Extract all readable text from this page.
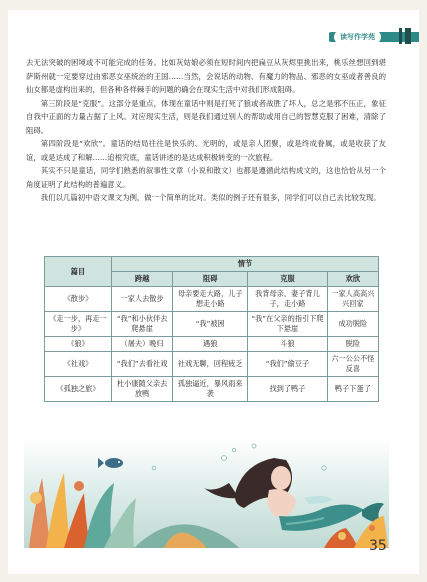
读写作学苑

去无法突破的困境或不可能完成的任务。比如灰姑娘必须在短时间内把扁豆从灰烬里挑出来，桃乐丝想回到堪萨斯州就一定要穿过由邪恶女巫统治的王国……当然，会说话的动物、有魔力的物品、邪恶的女巫或者善良的仙女都是虚构出来的，但各种各样棘手的问题的确会在现实生活中对我们形成阻碍。

第三阶段是“克服”。这部分是重点，体现在童话中则是打死了狼或者战胜了坏人，总之是邪不压正，象征自我中正面的力量占据了上风。对应现实生活，则是我们通过别人的帮助或用自己的智慧克服了困难，清除了阻碍。

第四阶段是“欢欣”。童话的结局往往是快乐的、光明的，或是亲人团聚，或是终成眷属，或是收获了友谊，或是达成了和解……追根究底，童话讲述的是达成积极转变的一次旅程。

其实不只是童话，同学们熟悉的叙事性文章（小说和散文）也都是遵循此结构成文的，这也恰恰从另一个角度证明了此结构的普遍意义。

我们以几篇初中语文课文为例，做一个简单的比对。类似的例子还有很多，同学们可以自己去比较发现。

篇目	情节			
	跨越	阻碍	克服	欢欣
《散步》	一家人去散步	母亲要走大路，儿子想走小路	我背母亲，妻子背儿子，走小路	一家人高高兴兴回家
《走一步，再走一步》	“我”和小伙伴去爬悬崖	“我”被困	“我”在父亲的指引下爬下悬崖	成功脱险
《狼》	（屠夫）晚归	遇狼	斗狼	脱险
《社戏》	“我们”去看社戏	社戏无聊，回程疲乏	“我们”偷豆子	六一公公不怪反喜
《孤独之旅》	杜小康随父亲去放鸭	孤独逼近，暴风雨来袭	找到了鸭子	鸭子下蛋了
35
